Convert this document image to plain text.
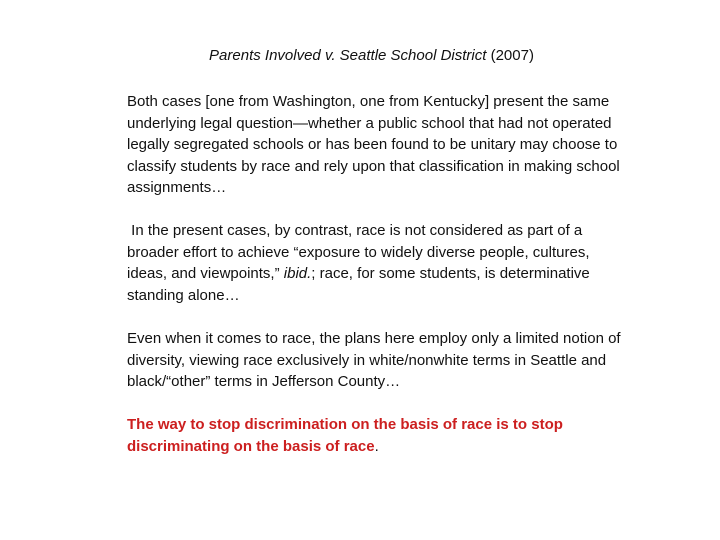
Parents Involved v. Seattle School District (2007)

Both cases [one from Washington, one from Kentucky] present the same underlying legal question—whether a public school that had not operated legally segregated schools or has been found to be unitary may choose to classify students by race and rely upon that classification in making school assignments…

In the present cases, by contrast, race is not considered as part of a broader effort to achieve “exposure to widely diverse people, cultures, ideas, and viewpoints,” ibid.; race, for some students, is determinative standing alone…

Even when it comes to race, the plans here employ only a limited notion of diversity, viewing race exclusively in white/nonwhite terms in Seattle and black/“other” terms in Jefferson County…

The way to stop discrimination on the basis of race is to stop discriminating on the basis of race.
